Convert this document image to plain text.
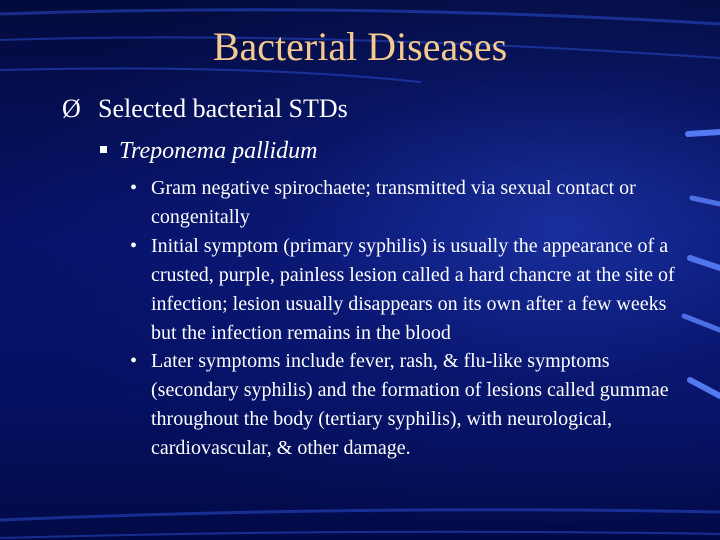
Bacterial Diseases
Ø Selected bacterial STDs
Treponema pallidum
• Gram negative spirochaete; transmitted via sexual contact or congenitally
• Initial symptom (primary syphilis) is usually the appearance of a crusted, purple, painless lesion called a hard chancre at the site of infection; lesion usually disappears on its own after a few weeks but the infection remains in the blood
• Later symptoms include fever, rash, & flu-like symptoms (secondary syphilis) and the formation of lesions called gummae throughout the body (tertiary syphilis), with neurological, cardiovascular, & other damage.
